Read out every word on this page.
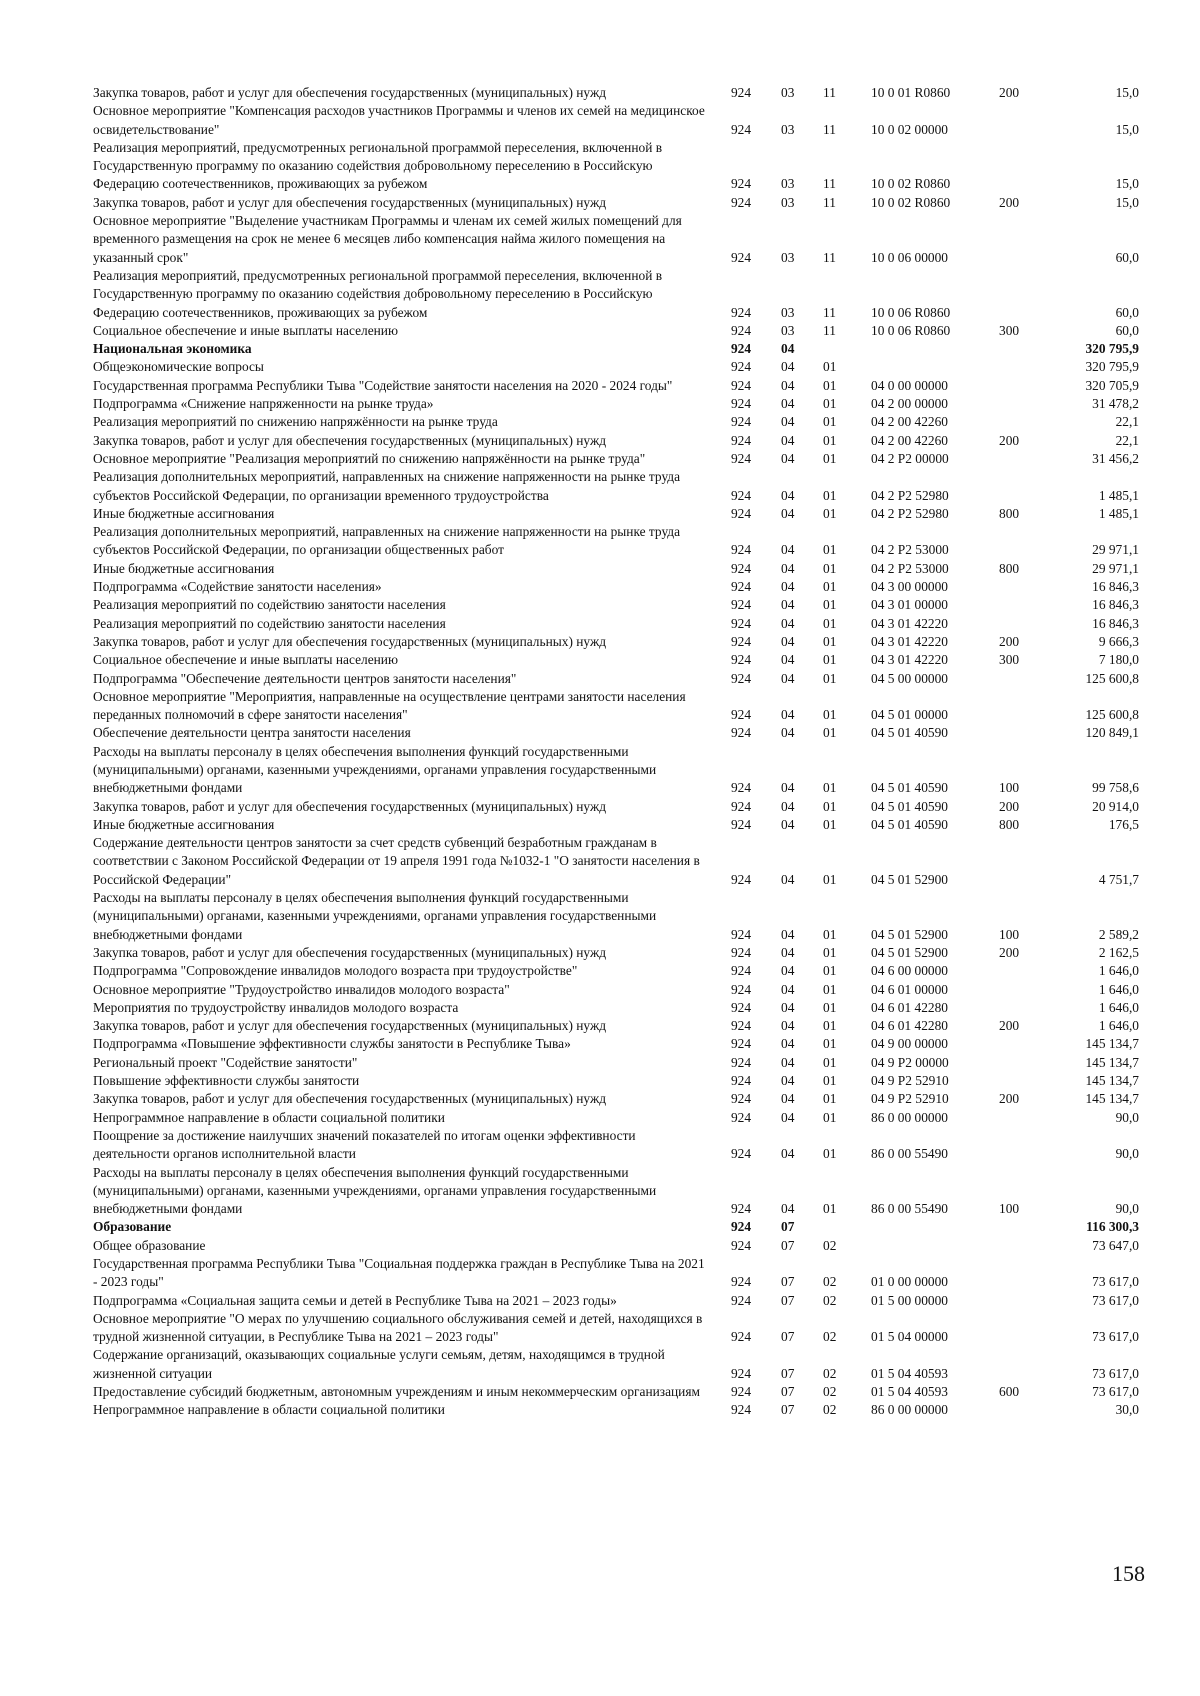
Закупка товаров, работ и услуг для обеспечения государственных (муниципальных) нужд	924	03	11	10 0 01 R0860	200	15,0
Основное мероприятие "Компенсация расходов участников Программы и членов их семей на медицинское освидетельствование"	924	03	11	10 0 02 00000		15,0
Реализация мероприятий, предусмотренных региональной программой переселения, включенной в Государственную программу по оказанию содействия добровольному переселению в Российскую Федерацию соотечественников, проживающих за рубежом	924	03	11	10 0 02 R0860		15,0
Закупка товаров, работ и услуг для обеспечения государственных (муниципальных) нужд	924	03	11	10 0 02 R0860	200	15,0
Основное мероприятие "Выделение участникам Программы и членам их семей жилых помещений для временного размещения на срок не менее 6 месяцев либо компенсация найма жилого помещения на указанный срок"	924	03	11	10 0 06 00000		60,0
Реализация мероприятий, предусмотренных региональной программой переселения, включенной в Государственную программу по оказанию содействия добровольному переселению в Российскую Федерацию соотечественников, проживающих за рубежом	924	03	11	10 0 06 R0860		60,0
Социальное обеспечение и иные выплаты населению	924	03	11	10 0 06 R0860	300	60,0
Национальная экономика	924	04				320 795,9
Общеэкономические вопросы	924	04	01			320 795,9
Государственная программа Республики Тыва "Содействие занятости населения на 2020 - 2024 годы"	924	04	01	04 0 00 00000		320 705,9
Подпрограмма «Снижение напряженности на рынке труда»	924	04	01	04 2 00 00000		31 478,2
Реализация мероприятий по снижению напряжённости на рынке труда	924	04	01	04 2 00 42260		22,1
Закупка товаров, работ и услуг для обеспечения государственных (муниципальных) нужд	924	04	01	04 2 00 42260	200	22,1
Основное мероприятие "Реализация мероприятий по снижению напряжённости на рынке труда"	924	04	01	04 2 P2 00000		31 456,2
Реализация дополнительных мероприятий, направленных на снижение напряженности на рынке труда субъектов Российской Федерации, по организации временного трудоустройства	924	04	01	04 2 P2 52980		1 485,1
Иные бюджетные ассигнования	924	04	01	04 2 P2 52980	800	1 485,1
Реализация дополнительных мероприятий, направленных на снижение напряженности на рынке труда субъектов Российской Федерации, по организации общественных работ	924	04	01	04 2 P2 53000		29 971,1
Иные бюджетные ассигнования	924	04	01	04 2 P2 53000	800	29 971,1
Подпрограмма «Содействие занятости населения»	924	04	01	04 3 00 00000		16 846,3
Реализация мероприятий по содействию занятости населения	924	04	01	04 3 01 00000		16 846,3
Реализация мероприятий по содействию занятости населения	924	04	01	04 3 01 42220		16 846,3
Закупка товаров, работ и услуг для обеспечения государственных (муниципальных) нужд	924	04	01	04 3 01 42220	200	9 666,3
Социальное обеспечение и иные выплаты населению	924	04	01	04 3 01 42220	300	7 180,0
Подпрограмма "Обеспечение деятельности центров занятости населения"	924	04	01	04 5 00 00000		125 600,8
Основное мероприятие "Мероприятия, направленные на осуществление центрами занятости населения переданных полномочий в сфере занятости населения"	924	04	01	04 5 01 00000		125 600,8
Обеспечение деятельности центра занятости населения	924	04	01	04 5 01 40590		120 849,1
Расходы на выплаты персоналу в целях обеспечения выполнения функций государственными (муниципальными) органами, казенными учреждениями, органами управления государственными внебюджетными фондами	924	04	01	04 5 01 40590	100	99 758,6
Закупка товаров, работ и услуг для обеспечения государственных (муниципальных) нужд	924	04	01	04 5 01 40590	200	20 914,0
Иные бюджетные ассигнования	924	04	01	04 5 01 40590	800	176,5
Содержание деятельности центров занятости за счет средств субвенций безработным гражданам в соответствии с Законом Российской Федерации от 19 апреля 1991 года №1032-1 "О занятости населения в Российской Федерации"	924	04	01	04 5 01 52900		4 751,7
Расходы на выплаты персоналу в целях обеспечения выполнения функций государственными (муниципальными) органами, казенными учреждениями, органами управления государственными внебюджетными фондами	924	04	01	04 5 01 52900	100	2 589,2
Закупка товаров, работ и услуг для обеспечения государственных (муниципальных) нужд	924	04	01	04 5 01 52900	200	2 162,5
Подпрограмма "Сопровождение инвалидов молодого возраста при трудоустройстве"	924	04	01	04 6 00 00000		1 646,0
Основное мероприятие "Трудоустройство инвалидов молодого возраста"	924	04	01	04 6 01 00000		1 646,0
Мероприятия по трудоустройству инвалидов молодого возраста	924	04	01	04 6 01 42280		1 646,0
Закупка товаров, работ и услуг для обеспечения государственных (муниципальных) нужд	924	04	01	04 6 01 42280	200	1 646,0
Подпрограмма «Повышение эффективности службы занятости в Республике Тыва»	924	04	01	04 9 00 00000		145 134,7
Региональный проект "Содействие занятости"	924	04	01	04 9 P2 00000		145 134,7
Повышение эффективности службы занятости	924	04	01	04 9 P2 52910		145 134,7
Закупка товаров, работ и услуг для обеспечения государственных (муниципальных) нужд	924	04	01	04 9 P2 52910	200	145 134,7
Непрограммное направление в области социальной политики	924	04	01	86 0 00 00000		90,0
Поощрение за достижение наилучших значений показателей по итогам оценки эффективности деятельности органов исполнительной власти	924	04	01	86 0 00 55490		90,0
Расходы на выплаты персоналу в целях обеспечения выполнения функций государственными (муниципальными) органами, казенными учреждениями, органами управления государственными внебюджетными фондами	924	04	01	86 0 00 55490	100	90,0
Образование	924	07				116 300,3
Общее образование	924	07	02			73 647,0
Государственная программа Республики Тыва "Социальная поддержка граждан в Республике Тыва на 2021 - 2023 годы"	924	07	02	01 0 00 00000		73 617,0
Подпрограмма «Социальная защита семьи и детей в Республике Тыва на 2021 – 2023 годы»	924	07	02	01 5 00 00000		73 617,0
Основное мероприятие "О мерах по улучшению социального обслуживания семей и детей, находящихся в трудной жизненной ситуации, в Республике Тыва на 2021 – 2023 годы"	924	07	02	01 5 04 00000		73 617,0
Содержание организаций, оказывающих социальные услуги семьям, детям, находящимся в трудной жизненной ситуации	924	07	02	01 5 04 40593		73 617,0
Предоставление субсидий бюджетным, автономным учреждениям и иным некоммерческим организациям	924	07	02	01 5 04 40593	600	73 617,0
Непрограммное направление в области социальной политики	924	07	02	86 0 00 00000		30,0
158
